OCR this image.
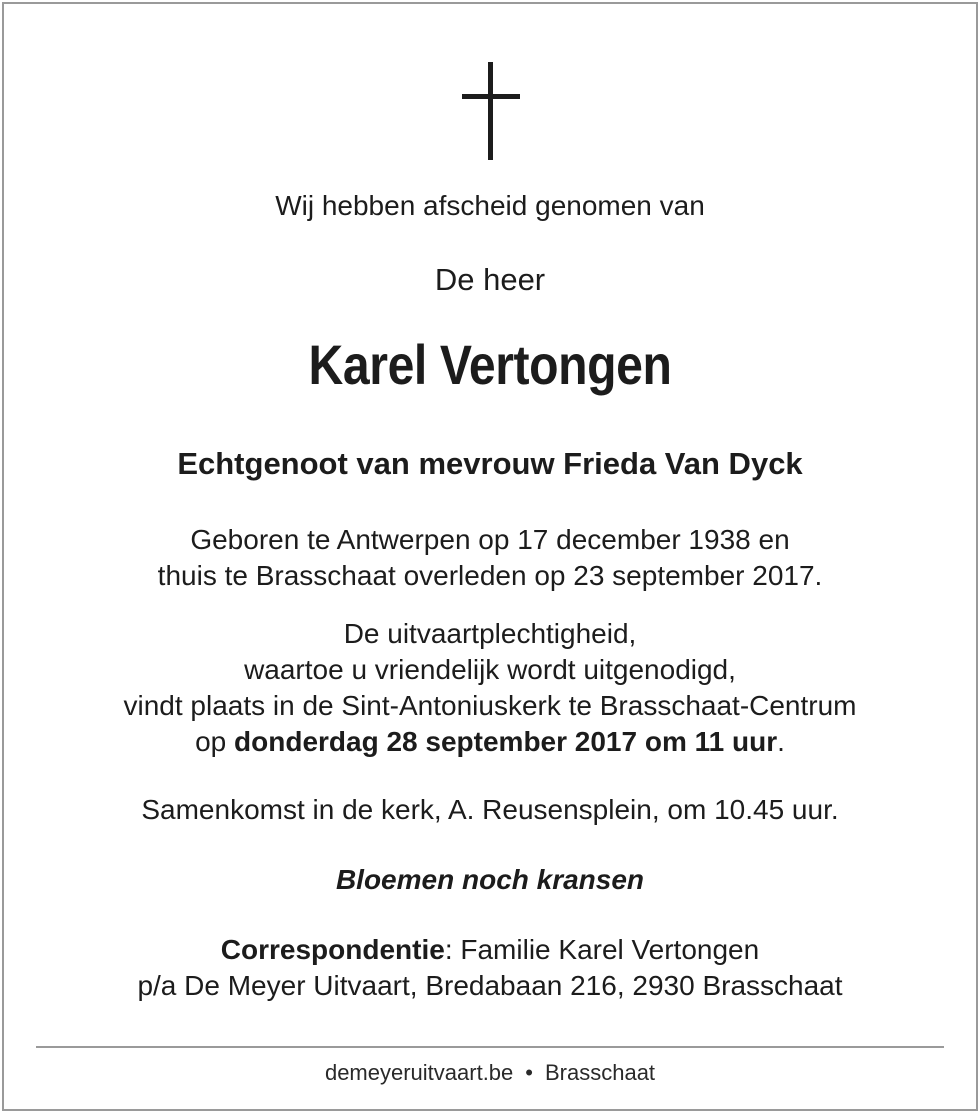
Wij hebben afscheid genomen van
De heer
Karel Vertongen
Echtgenoot van mevrouw Frieda Van Dyck
Geboren te Antwerpen op 17 december 1938 en
thuis te Brasschaat overleden op 23 september 2017.
De uitvaartplechtigheid,
waartoe u vriendelijk wordt uitgenodigd,
vindt plaats in de Sint-Antoniuskerk te Brasschaat-Centrum
op donderdag 28 september 2017 om 11 uur.
Samenkomst in de kerk, A. Reusensplein, om 10.45 uur.
Bloemen noch kransen
Correspondentie: Familie Karel Vertongen
p/a De Meyer Uitvaart, Bredabaan 216, 2930 Brasschaat
demeyeruitvaart.be • Brasschaat
